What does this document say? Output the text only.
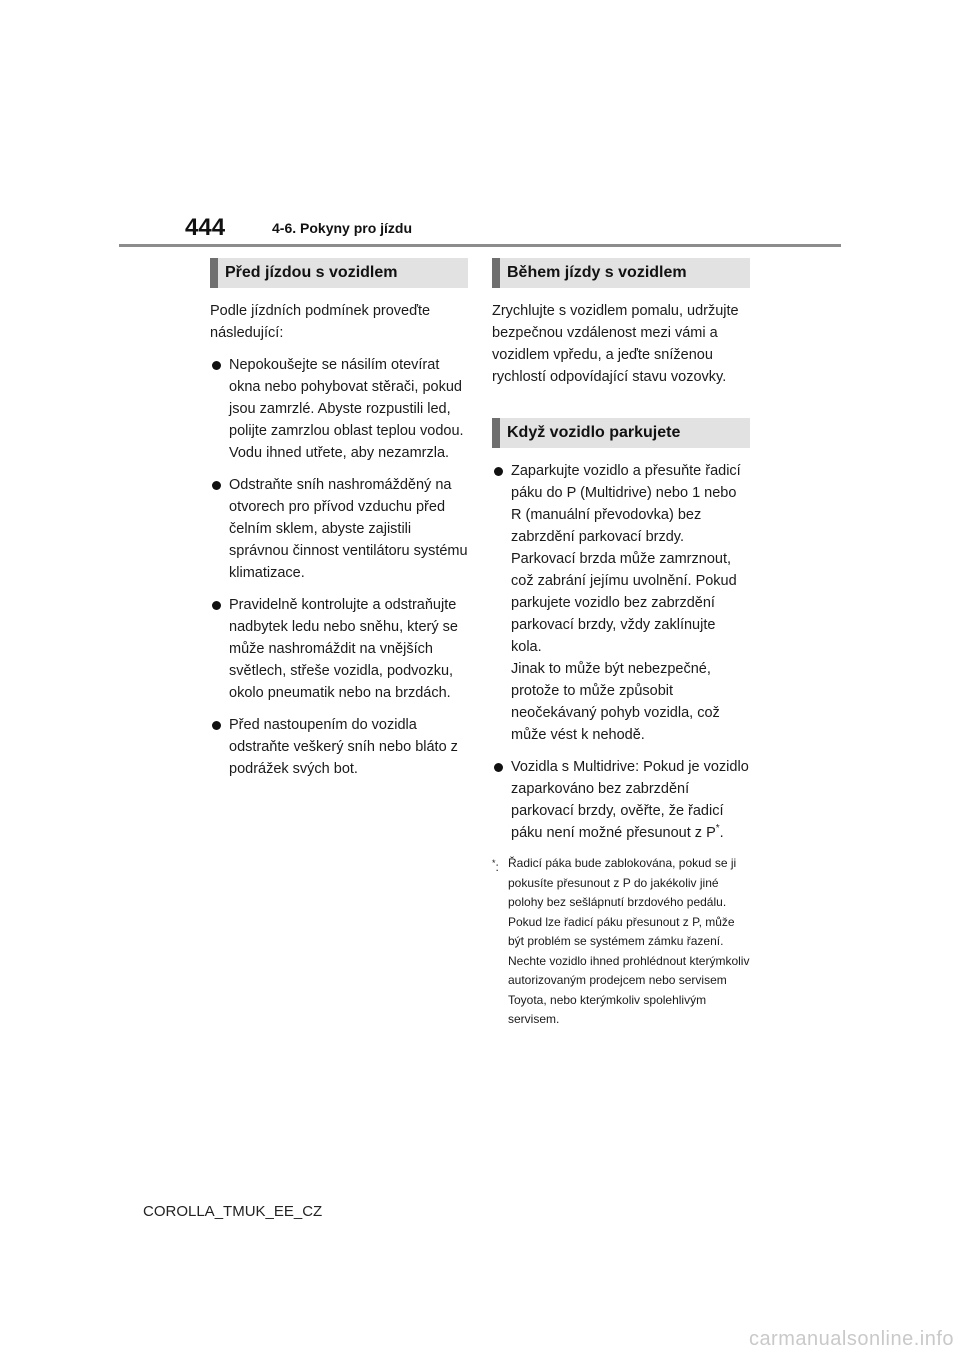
444	4-6. Pokyny pro jízdu
Před jízdou s vozidlem

Podle jízdních podmínek proveďte následující:

Nepokoušejte se násilím otevírat okna nebo pohybovat stěrači, pokud jsou zamrzlé. Abyste rozpustili led, polijte zamrzlou oblast teplou vodou. Vodu ihned utřete, aby nezamrzla.
Odstraňte sníh nashromážděný na otvorech pro přívod vzduchu před čelním sklem, abyste zajistili správnou činnost ventilátoru systému klimatizace.
Pravidelně kontrolujte a odstraňujte nadbytek ledu nebo sněhu, který se může nashromáždit na vnějších světlech, střeše vozidla, podvozku, okolo pneumatik nebo na brzdách.
Před nastoupením do vozidla odstraňte veškerý sníh nebo bláto z podrážek svých bot.
Během jízdy s vozidlem

Zrychlujte s vozidlem pomalu, udržujte bezpečnou vzdálenost mezi vámi a vozidlem vpředu, a jeďte sníženou rychlostí odpovídající stavu vozovky.

Když vozidlo parkujete
Zaparkujte vozidlo a přesuňte řadicí páku do P (Multidrive) nebo 1 nebo R (manuální převodovka) bez zabrzdění parkovací brzdy.
Parkovací brzda může zamrznout, což zabrání jejímu uvolnění. Pokud parkujete vozidlo bez zabrzdění parkovací brzdy, vždy zaklínujte kola.
Jinak to může být nebezpečné, protože to může způsobit neočekávaný pohyb vozidla, což může vést k nehodě.
Vozidla s Multidrive: Pokud je vozidlo zaparkováno bez zabrzdění parkovací brzdy, ověřte, že řadicí páku není možné přesunout z P*.
*: Řadicí páka bude zablokována, pokud se ji pokusíte přesunout z P do jakékoliv jiné polohy bez sešlápnutí brzdového pedálu. Pokud lze řadicí páku přesunout z P, může být problém se systémem zámku řazení. Nechte vozidlo ihned prohlédnout kterýmkoliv autorizovaným prodejcem nebo servisem Toyota, nebo kterýmkoliv spolehlivým servisem.
COROLLA_TMUK_EE_CZ
carmanualsonline.info
